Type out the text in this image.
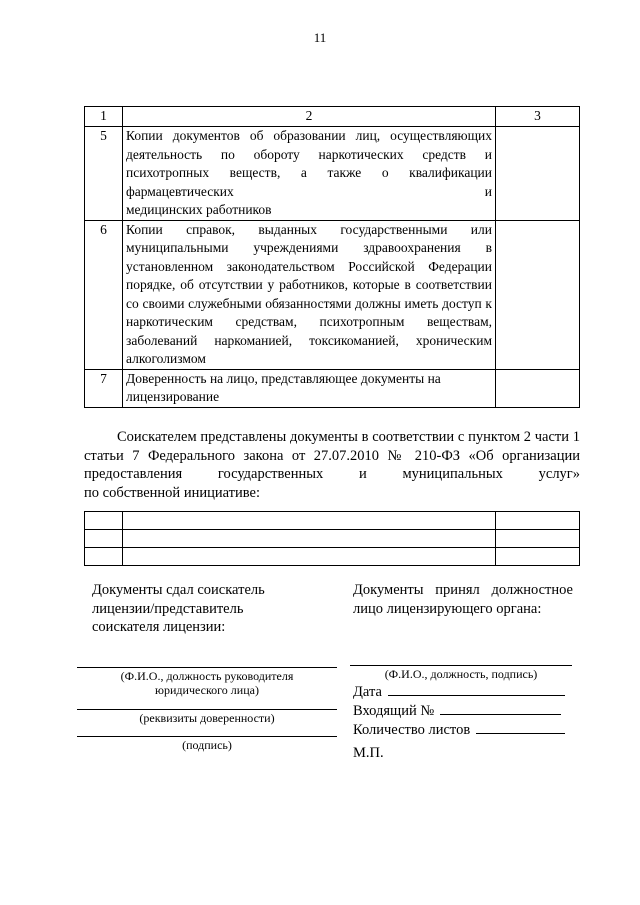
11
1	2	3
5	Копии документов об образовании лиц, осуществляющих деятельность по обороту наркотических средств и психотропных веществ, а также о квалификации фармацевтических и
медицинских работников	

6	Копии справок, выданных государственными или муниципальными учреждениями здравоохранения в установленном законодательством Российской Федерации порядке, об отсутствии у работников, которые в соответствии со своими служебными обязанностями должны иметь доступ к наркотическим средствам, психотропным веществам, заболеваний наркоманией, токсикоманией, хроническим
алкоголизмом	

7	Доверенность на лицо, представляющее документы на
лицензирование	

Соискателем представлены документы в соответствии с пунктом 2 части 1 статьи 7 Федерального закона от 27.07.2010 № 210-ФЗ «Об организации предоставления государственных и муниципальных услуг»
по собственной инициативе:

Документы сдал соискатель
лицензии/представитель
соискателя лицензии:
Документы принял должностное лицо лицензирующего органа:
(Ф.И.О., должность руководителя
юридического лица)
(реквизиты доверенности)
(подпись)
(Ф.И.О., должность, подпись)
Дата
Входящий №
Количество листов
М.П.
